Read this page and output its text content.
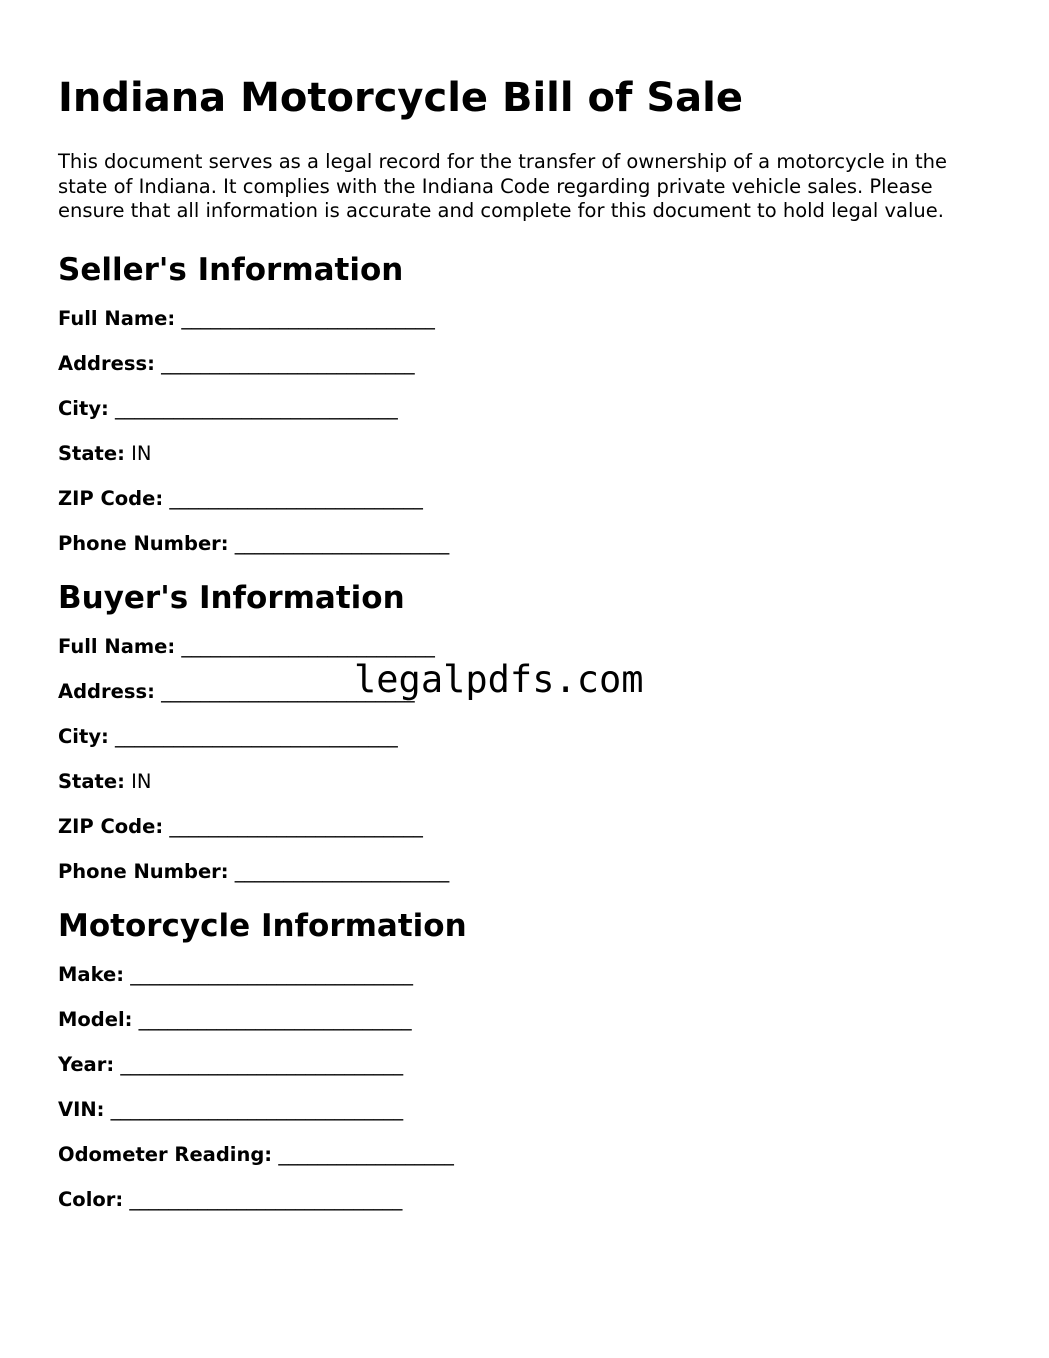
Indiana Motorcycle Bill of Sale

This document serves as a legal record for the transfer of ownership of a motorcycle in the state of Indiana. It complies with the Indiana Code regarding private vehicle sales. Please ensure that all information is accurate and complete for this document to hold legal value.

Seller's Information
Full Name: __________________________
Address: __________________________
City: _____________________________
State: IN
ZIP Code: __________________________
Phone Number: ______________________
Buyer's Information
Full Name: __________________________
Address: __________________________
City: _____________________________
State: IN
ZIP Code: __________________________
Phone Number: ______________________
Motorcycle Information
Make: _____________________________
Model: ____________________________
Year: _____________________________
VIN: ______________________________
Odometer Reading: __________________
Color: ____________________________
legalpdfs.com
